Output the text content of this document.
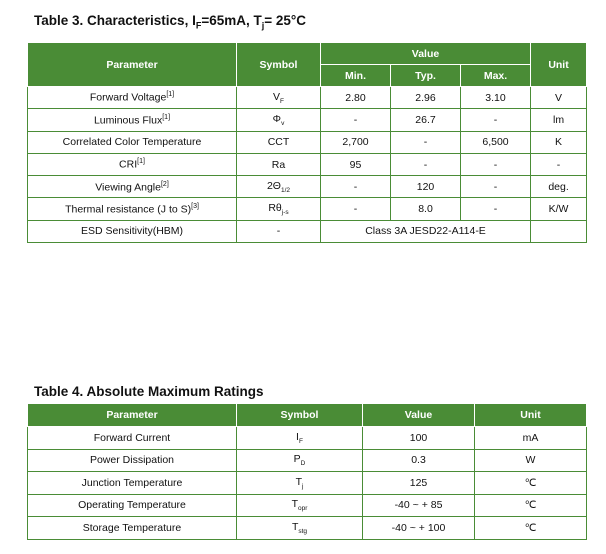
Table 3. Characteristics, $I_F=65mA$, $T_j= 25^\circ C$
Parameter	Symbol	Value			Unit
		Min.	Typ.	Max.	
Forward Voltage[1]	$V_F$	2.80	2.96	3.10	V
Luminous Flux[1]	$\Phi_v$	-	26.7	-	lm
Correlated Color Temperature	CCT	2,700	-	6,500	K
CRI[1]	Ra	95	-	-	-
Viewing Angle[2]	$2\Theta_{1/2}$	-	120	-	deg.
Thermal resistance (J to S)[3]	$R\theta_{j-s}$	-	8.0	-	K/W
ESD Sensitivity(HBM)	-	Class 3A JESD22-A114-E			
Table 4. Absolute Maximum Ratings
Parameter	Symbol	Value	Unit
Forward Current	$I_F$	100	mA
Power Dissipation	$P_D$	0.3	W
Junction Temperature	$T_j$	125	℃
Operating Temperature	$T_{opr}$	-40 ~ + 85	℃
Storage Temperature	$T_{stg}$	-40 ~ + 100	℃
